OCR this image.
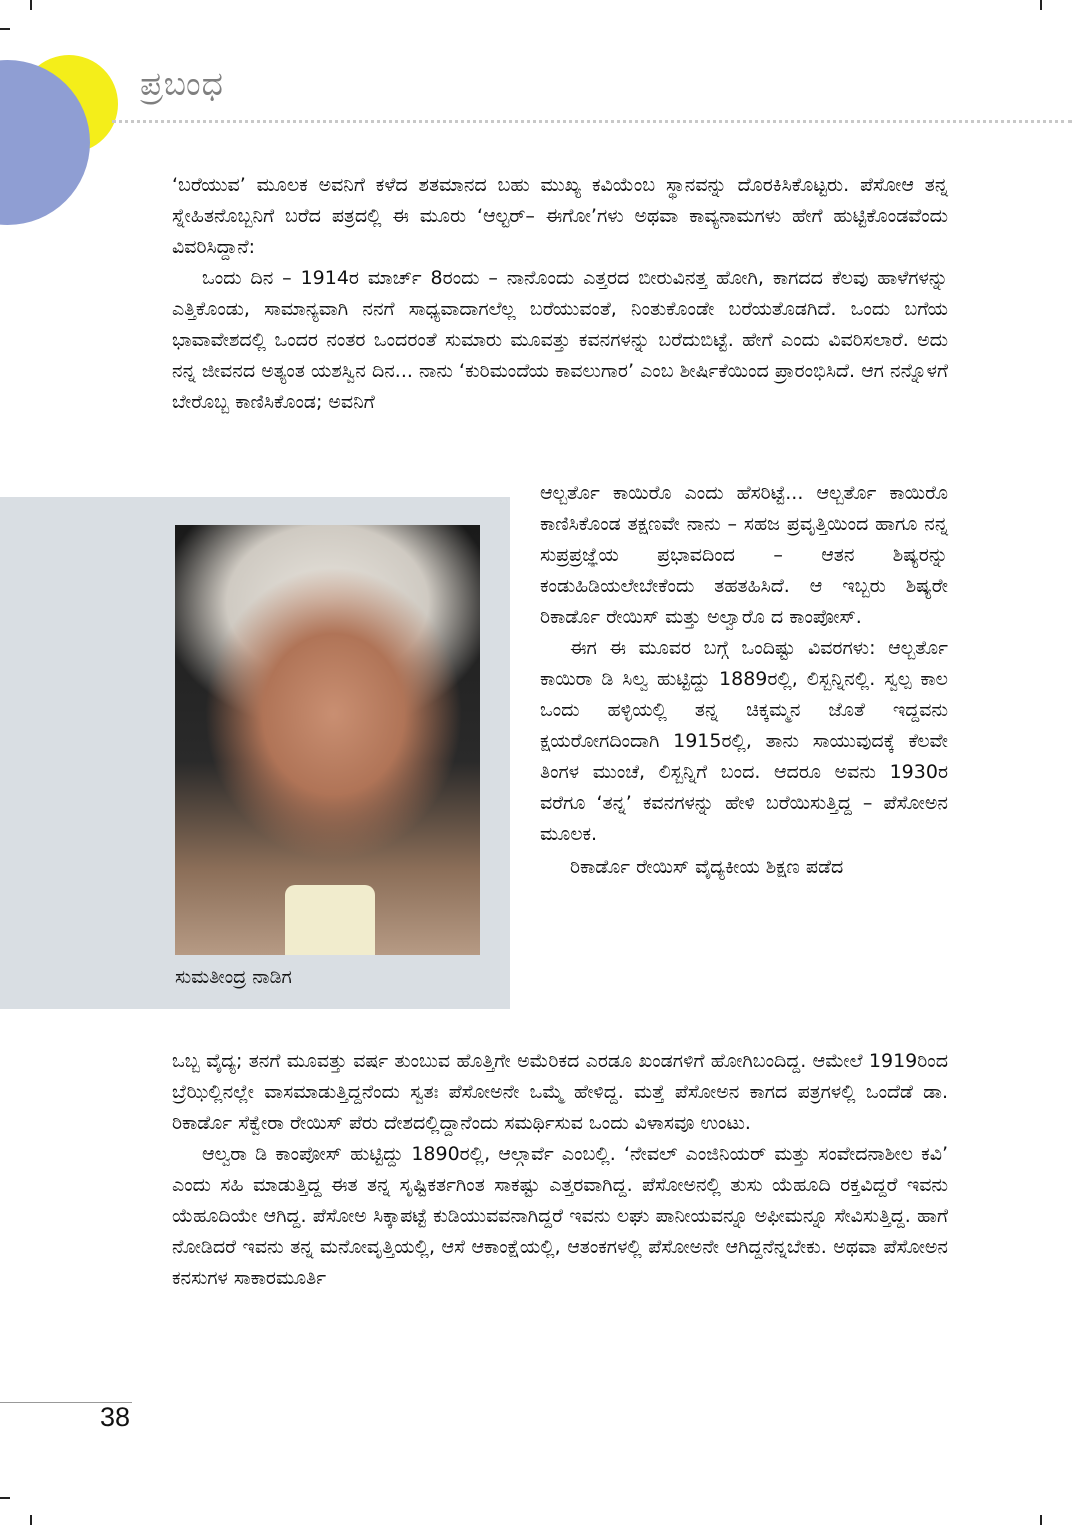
ಪ್ರಬಂಧ

‘ಬರೆಯುವ’ ಮೂಲಕ ಅವನಿಗೆ ಕಳೆದ ಶತಮಾನದ ಬಹು ಮುಖ್ಯ ಕವಿಯೆಂಬ ಸ್ಥಾನವನ್ನು ದೊರಕಿಸಿಕೊಟ್ಟರು. ಪೆಸೋಆ ತನ್ನ ಸ್ನೇಹಿತನೊಬ್ಬನಿಗೆ ಬರೆದ ಪತ್ರದಲ್ಲಿ ಈ ಮೂರು ‘ಆಲ್ಟರ್– ಈಗೋ’ಗಳು ಅಥವಾ ಕಾವ್ಯನಾಮಗಳು ಹೇಗೆ ಹುಟ್ಟಿಕೊಂಡವೆಂದು ವಿವರಿಸಿದ್ದಾನೆ:

ಒಂದು ದಿನ – 1914ರ ಮಾರ್ಚ್ 8ರಂದು – ನಾನೊಂದು ಎತ್ತರದ ಬೀರುವಿನತ್ತ ಹೋಗಿ, ಕಾಗದದ ಕೆಲವು ಹಾಳೆಗಳನ್ನು ಎತ್ತಿಕೊಂಡು, ಸಾಮಾನ್ಯವಾಗಿ ನನಗೆ ಸಾಧ್ಯವಾದಾಗಲೆಲ್ಲ ಬರೆಯುವಂತೆ, ನಿಂತುಕೊಂಡೇ ಬರೆಯತೊಡಗಿದೆ. ಒಂದು ಬಗೆಯ ಭಾವಾವೇಶದಲ್ಲಿ ಒಂದರ ನಂತರ ಒಂದರಂತೆ ಸುಮಾರು ಮೂವತ್ತು ಕವನಗಳನ್ನು ಬರೆದುಬಿಟ್ಟೆ. ಹೇಗೆ ಎಂದು ವಿವರಿಸಲಾರೆ. ಅದು ನನ್ನ ಜೀವನದ ಅತ್ಯಂತ ಯಶಸ್ವಿನ ದಿನ... ನಾನು ‘ಕುರಿಮಂದೆಯ ಕಾವಲುಗಾರ’ ಎಂಬ ಶೀರ್ಷಿಕೆಯಿಂದ ಪ್ರಾರಂಭಿಸಿದೆ. ಆಗ ನನ್ನೊಳಗೆ ಬೇರೊಬ್ಬ ಕಾಣಿಸಿಕೊಂಡ; ಅವನಿಗೆ

ಸುಮತೀಂದ್ರ ನಾಡಿಗ

ಆಲ್ಬರ್ತೊ ಕಾಯಿರೊ ಎಂದು ಹೆಸರಿಟ್ಟೆ... ಆಲ್ಬರ್ತೊ ಕಾಯಿರೊ ಕಾಣಿಸಿಕೊಂಡ ತಕ್ಷಣವೇ ನಾನು – ಸಹಜ ಪ್ರವೃತ್ತಿಯಿಂದ ಹಾಗೂ ನನ್ನ ಸುಪ್ರಪ್ರಜ್ಞೆಯ ಪ್ರಭಾವದಿಂದ – ಆತನ ಶಿಷ್ಯರನ್ನು ಕಂಡುಹಿಡಿಯಲೇಬೇಕೆಂದು ತಹತಹಿಸಿದೆ. ಆ ಇಬ್ಬರು ಶಿಷ್ಯರೇ ರಿಕಾರ್ಡೊ ರೇಯಿಸ್ ಮತ್ತು ಅಲ್ವಾರೊ ದ ಕಾಂಪೋಸ್.

ಈಗ ಈ ಮೂವರ ಬಗ್ಗೆ ಒಂದಿಷ್ಟು ವಿವರಗಳು: ಆಲ್ಬರ್ತೊ ಕಾಯಿರಾ ಡಿ ಸಿಲ್ವ ಹುಟ್ಟಿದ್ದು 1889ರಲ್ಲಿ, ಲಿಸ್ಬನ್ನಿನಲ್ಲಿ. ಸ್ವಲ್ಪ ಕಾಲ ಒಂದು ಹಳ್ಳಿಯಲ್ಲಿ ತನ್ನ ಚಿಕ್ಕಮ್ಮನ ಜೊತೆ ಇದ್ದವನು ಕ್ಷಯರೋಗದಿಂದಾಗಿ 1915ರಲ್ಲಿ, ತಾನು ಸಾಯುವುದಕ್ಕೆ ಕೆಲವೇ ತಿಂಗಳ ಮುಂಚೆ, ಲಿಸ್ಬನ್ನಿಗೆ ಬಂದ. ಆದರೂ ಅವನು 1930ರ ವರೆಗೂ ‘ತನ್ನ’ ಕವನಗಳನ್ನು ಹೇಳಿ ಬರೆಯಿಸುತ್ತಿದ್ದ – ಪೆಸೋಅನ ಮೂಲಕ.

ರಿಕಾರ್ಡೊ ರೇಯಿಸ್ ವೈದ್ಯಕೀಯ ಶಿಕ್ಷಣ ಪಡೆದ

ಒಬ್ಬ ವೈದ್ಯ; ತನಗೆ ಮೂವತ್ತು ವರ್ಷ ತುಂಬುವ ಹೊತ್ತಿಗೇ ಅಮೆರಿಕದ ಎರಡೂ ಖಂಡಗಳಿಗೆ ಹೋಗಿಬಂದಿದ್ದ. ಆಮೇಲೆ 1919ರಿಂದ ಬ್ರೆಝಿಲ್ಲಿನಲ್ಲೇ ವಾಸಮಾಡುತ್ತಿದ್ದನೆಂದು ಸ್ವತಃ ಪೆಸೋಅನೇ ಒಮ್ಮೆ ಹೇಳಿದ್ದ. ಮತ್ತೆ ಪೆಸೋಅನ ಕಾಗದ ಪತ್ರಗಳಲ್ಲಿ ಒಂದೆಡೆ ಡಾ. ರಿಕಾರ್ಡೊ ಸೆಕ್ವೇರಾ ರೇಯಿಸ್ ಪೆರು ದೇಶದಲ್ಲಿದ್ದಾನೆಂದು ಸಮರ್ಥಿಸುವ ಒಂದು ವಿಳಾಸವೂ ಉಂಟು.

ಆಲ್ವರಾ ಡಿ ಕಾಂಪೋಸ್ ಹುಟ್ಟಿದ್ದು 1890ರಲ್ಲಿ, ಆಲ್ಗಾರ್ವೆ ಎಂಬಲ್ಲಿ. ‘ನೇವಲ್ ಎಂಜಿನಿಯರ್ ಮತ್ತು ಸಂವೇದನಾಶೀಲ ಕವಿ’ ಎಂದು ಸಹಿ ಮಾಡುತ್ತಿದ್ದ ಈತ ತನ್ನ ಸೃಷ್ಟಿಕರ್ತಗಿಂತ ಸಾಕಷ್ಟು ಎತ್ತರವಾಗಿದ್ದ. ಪೆಸೋಅನಲ್ಲಿ ತುಸು ಯೆಹೂದಿ ರಕ್ತವಿದ್ದರೆ ಇವನು ಯೆಹೂದಿಯೇ ಆಗಿದ್ದ. ಪೆಸೋಅ ಸಿಕ್ಕಾಪಟ್ಟೆ ಕುಡಿಯುವವನಾಗಿದ್ದರೆ ಇವನು ಲಘು ಪಾನೀಯವನ್ನೂ ಅಫೀಮನ್ನೂ ಸೇವಿಸುತ್ತಿದ್ದ. ಹಾಗೆ ನೋಡಿದರೆ ಇವನು ತನ್ನ ಮನೋವೃತ್ತಿಯಲ್ಲಿ, ಆಸೆ ಆಕಾಂಕ್ಷೆಯಲ್ಲಿ, ಆತಂಕಗಳಲ್ಲಿ ಪೆಸೋಅನೇ ಆಗಿದ್ದನೆನ್ನಬೇಕು. ಅಥವಾ ಪೆಸೋಅನ ಕನಸುಗಳ ಸಾಕಾರಮೂರ್ತಿ

38
